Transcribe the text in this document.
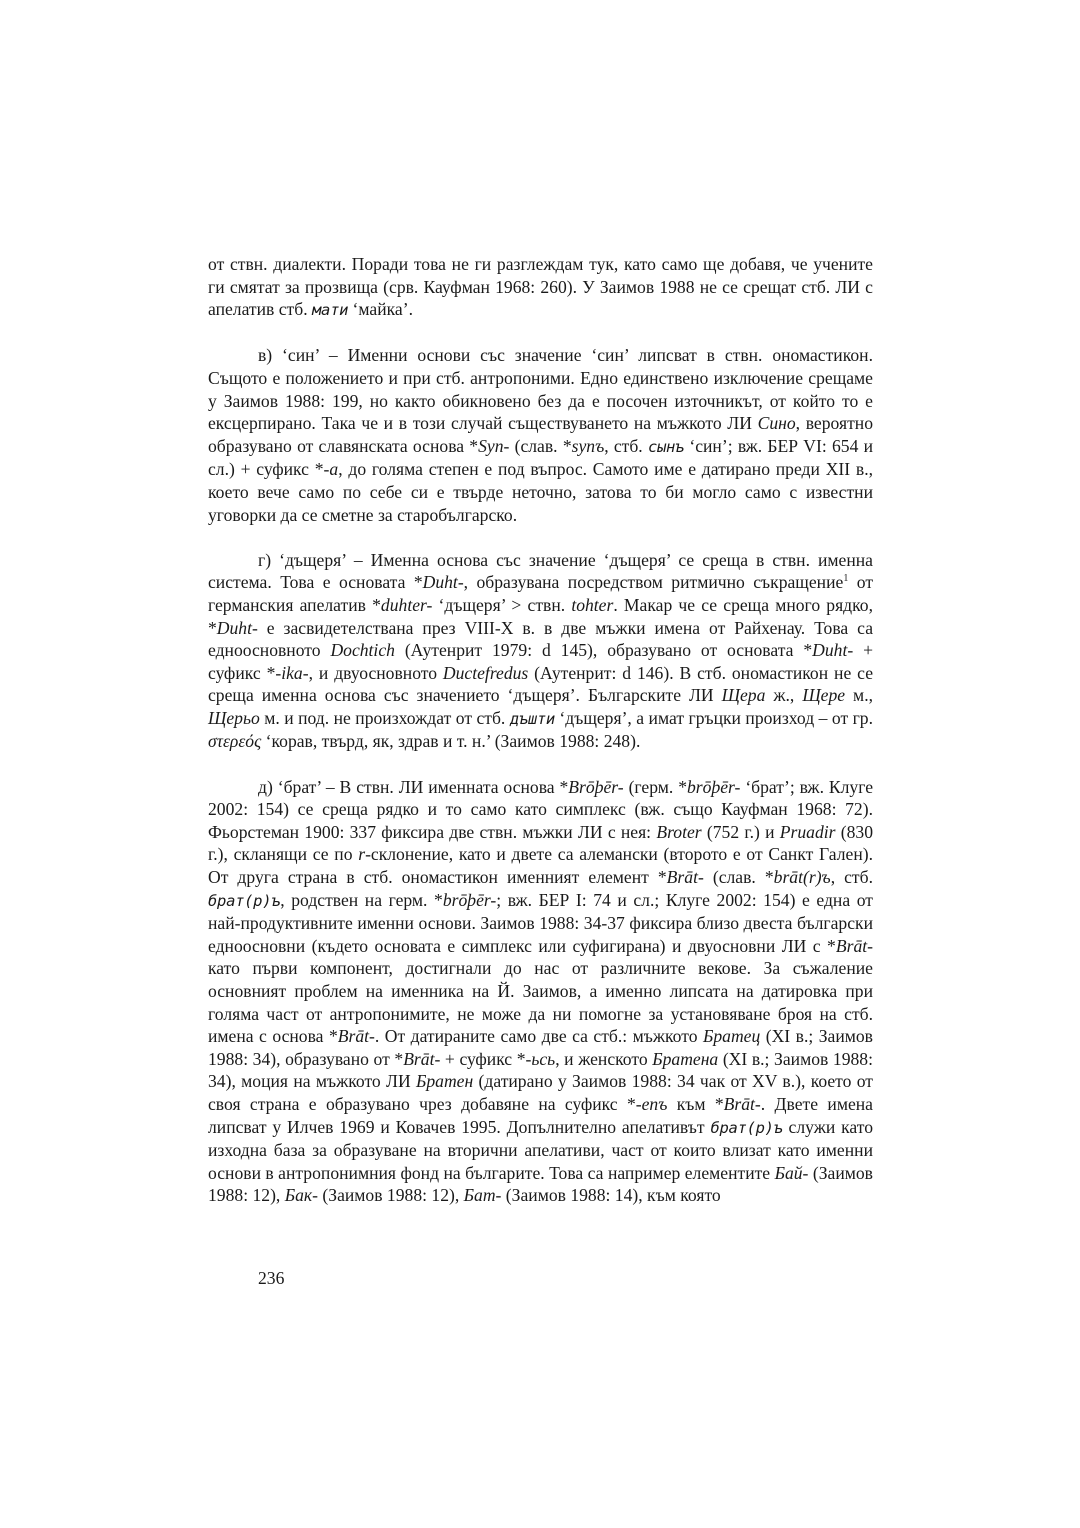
от ствн. диалекти. Поради това не ги разглеждам тук, като само ще добавя, че учените ги смятат за прозвища (срв. Кауфман 1968: 260). У Заимов 1988 не се срещат стб. ЛИ с апелатив стб. мати ‘майка’.

в) ‘син’ – Именни основи със значение ‘син’ липсват в ствн. ономастикон. Същото е положението и при стб. антропоними. Едно единствено изключение срещаме у Заимов 1988: 199, но както обикновено без да е посочен източникът, от който то е ексцерпирано. Така че и в този случай съществуването на мъжкото ЛИ Сино, вероятно образувано от славянската основа *Syn- (слав. *synъ, стб. сынъ ‘син’; вж. БЕР VI: 654 и сл.) + суфикс *-а, до голяма степен е под въпрос. Самото име е датирано преди XII в., което вече само по себе си е твърде неточно, затова то би могло само с известни уговорки да се сметне за старобългарско.

г) ‘дъщеря’ – Именна основа със значение ‘дъщеря’ се среща в ствн. именна система. Това е основата *Duht-, образувана посредством ритмично съкращение$^1$ от германския апелатив *duhter- ‘дъщеря’ > ствн. tohter. Макар че се среща много рядко, *Duht- е засвидетелствана през VIII-X в. в две мъжки имена от Райхенау. Това са едноосновното Dochtich (Аутенрит 1979: d 145), образувано от основата *Duht- + суфикс *-ika-, и двуосновното Ductefredus (Аутенрит: d 146). В стб. ономастикон не се среща именна основа със значението ‘дъщеря’. Българските ЛИ Щера ж., Щере м., Щерьо м. и под. не произхождат от стб. дъшти ‘дъщеря’, а имат гръцки произход – от гр. στερεός ‘корав, твърд, як, здрав и т. н.’ (Заимов 1988: 248).

д) ‘брат’ – В ствн. ЛИ именната основа *Brōþēr- (герм. *brōþēr- ‘брат’; вж. Клуге 2002: 154) се среща рядко и то само като симплекс (вж. също Кауфман 1968: 72). Фьорстеман 1900: 337 фиксира две ствн. мъжки ЛИ с нея: Broter (752 г.) и Pruadir (830 г.), скланящи се по r-склонение, като и двете са алемански (второто е от Санкт Гален). От друга страна в стб. ономастикон именният елемент *Brāt- (слав. *brāt(r)ъ, стб. брат(р)ъ, родствен на герм. *brōþēr-; вж. БЕР I: 74 и сл.; Клуге 2002: 154) е една от най-продуктивните именни основи. Заимов 1988: 34-37 фиксира близо двеста български едноосновни (където основата е симплекс или суфигирана) и двуосновни ЛИ с *Brāt- като първи компонент, достигнали до нас от различните векове. За съжаление основният проблем на именника на Й. Заимов, а именно липсата на датировка при голяма част от антропонимите, не може да ни помогне за установяване броя на стб. имена с основа *Brāt-. От датираните само две са стб.: мъжкото Братец (XI в.; Заимов 1988: 34), образувано от *Brāt- + суфикс *-ьсь, и женското Братена (XI в.; Заимов 1988: 34), моция на мъжкото ЛИ Братен (датирано у Заимов 1988: 34 чак от XV в.), което от своя страна е образувано чрез добавяне на суфикс *-enъ към *Brāt-. Двете имена липсват у Илчев 1969 и Ковачев 1995. Допълнително апелативът брат(р)ъ служи като изходна база за образуване на вторични апелативи, част от които влизат като именни основи в антропонимния фонд на българите. Това са например елементите Бай- (Заимов 1988: 12), Бак- (Заимов 1988: 12), Бат- (Заимов 1988: 14), към която

236
